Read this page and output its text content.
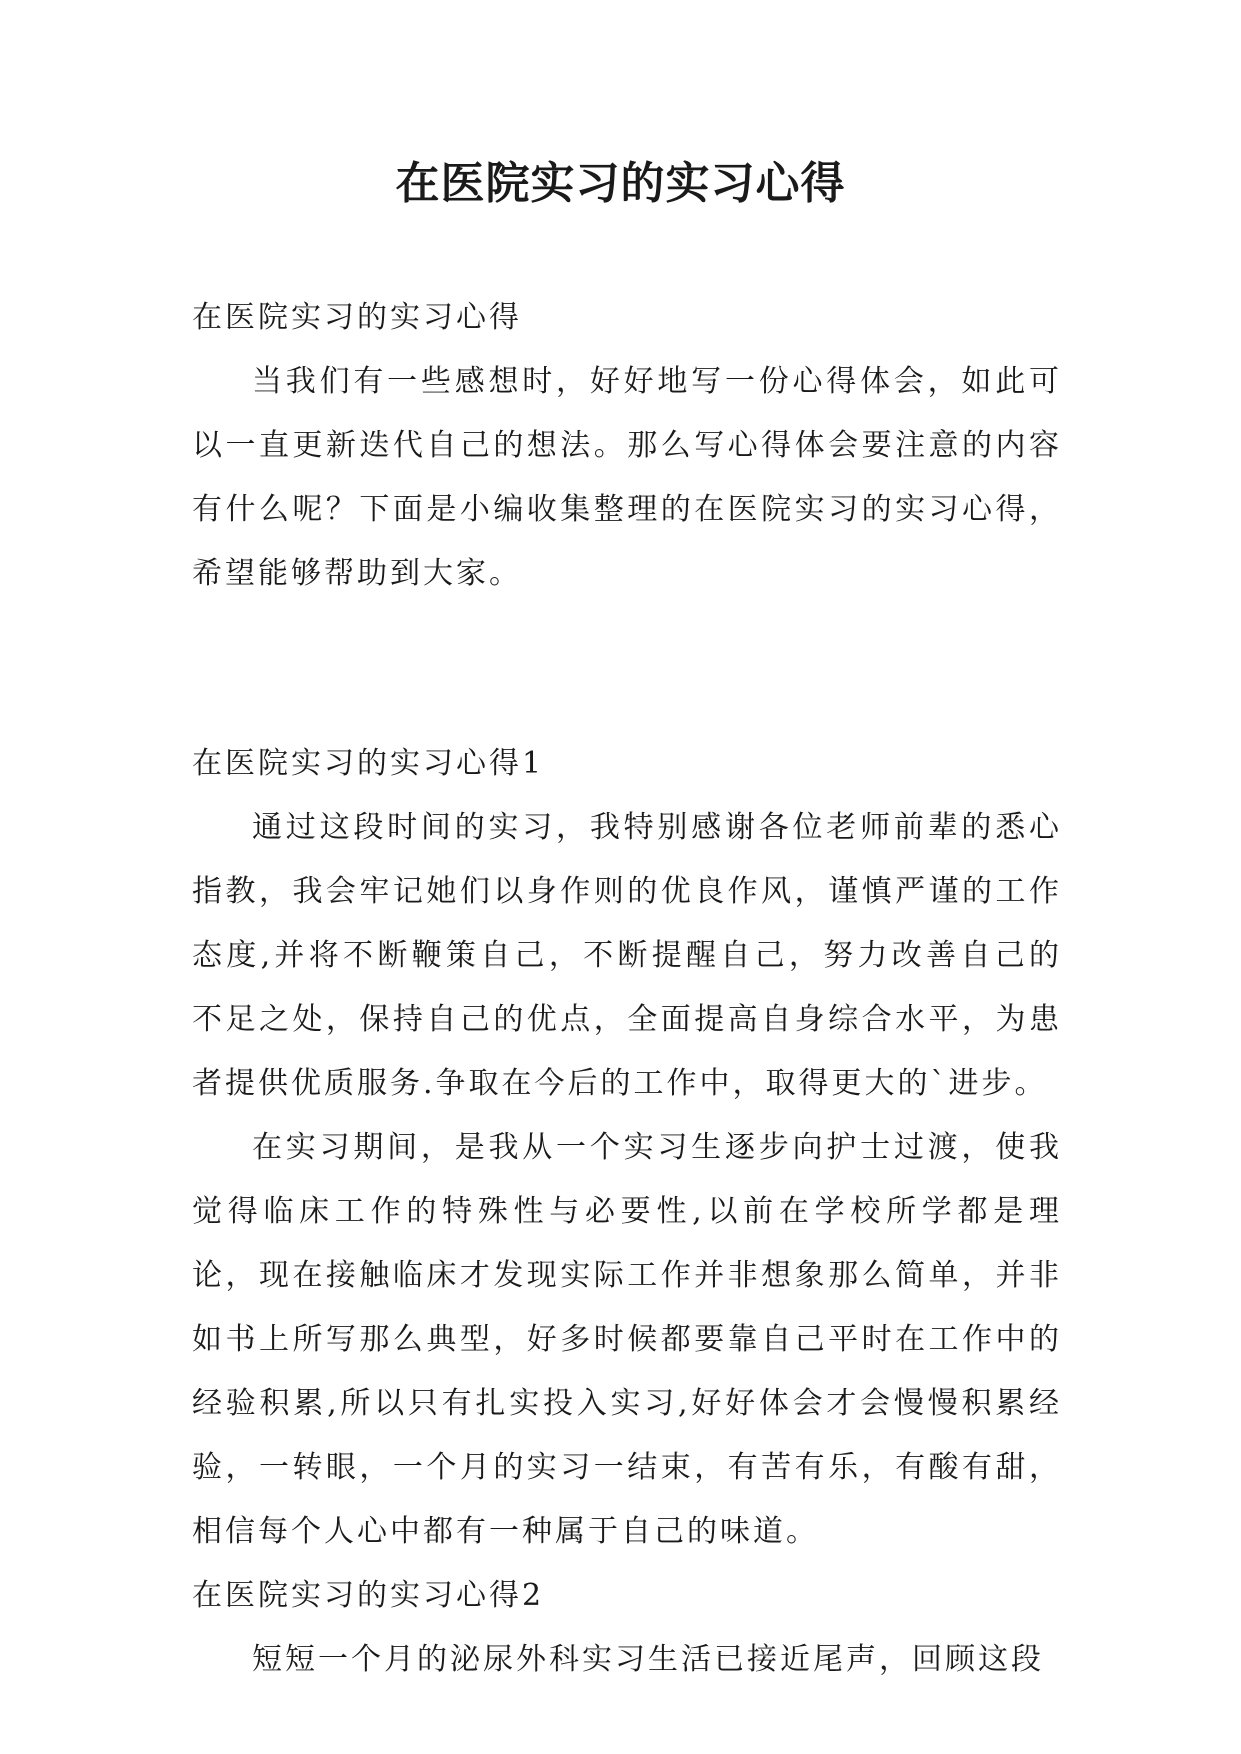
在医院实习的实习心得

在医院实习的实习心得

当我们有一些感想时，好好地写一份心得体会，如此可以一直更新迭代自己的想法。那么写心得体会要注意的内容有什么呢？下面是小编收集整理的在医院实习的实习心得，希望能够帮助到大家。

在医院实习的实习心得1

通过这段时间的实习，我特别感谢各位老师前辈的悉心指教，我会牢记她们以身作则的优良作风，谨慎严谨的工作态度,并将不断鞭策自己，不断提醒自己，努力改善自己的不足之处，保持自己的优点，全面提高自身综合水平，为患者提供优质服务.争取在今后的工作中，取得更大的`进步。

在实习期间，是我从一个实习生逐步向护士过渡，使我觉得临床工作的特殊性与必要性,以前在学校所学都是理论，现在接触临床才发现实际工作并非想象那么简单，并非如书上所写那么典型，好多时候都要靠自己平时在工作中的经验积累,所以只有扎实投入实习,好好体会才会慢慢积累经验，一转眼，一个月的实习一结束，有苦有乐，有酸有甜，相信每个人心中都有一种属于自己的味道。

在医院实习的实习心得2

短短一个月的泌尿外科实习生活已接近尾声，回顾这段
